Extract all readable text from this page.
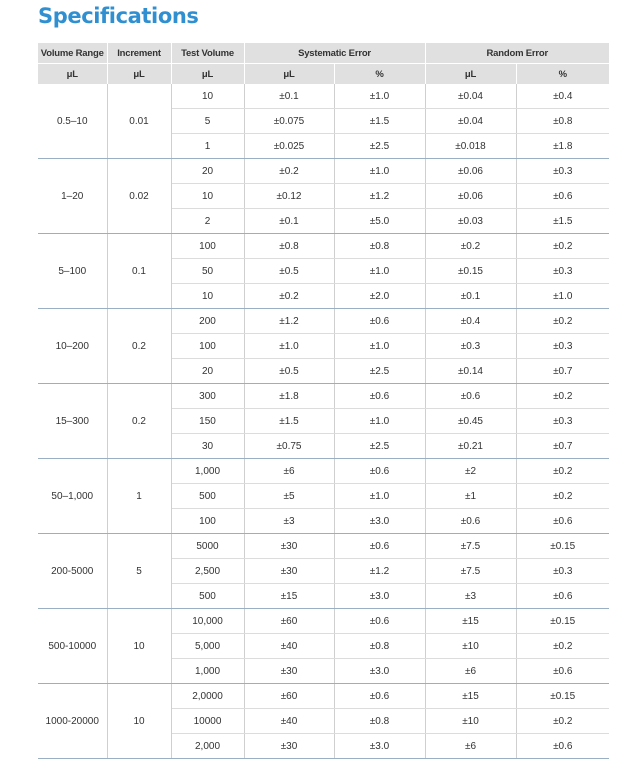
Specifications
Volume Range	Increment	Test Volume	Systematic Error		Random Error	
μL	μL	μL	μL	%	μL	%
0.5–10	0.01	10	±0.1	±1.0	±0.04	±0.4
		5	±0.075	±1.5	±0.04	±0.8
		1	±0.025	±2.5	±0.018	±1.8
1–20	0.02	20	±0.2	±1.0	±0.06	±0.3
		10	±0.12	±1.2	±0.06	±0.6
		2	±0.1	±5.0	±0.03	±1.5
5–100	0.1	100	±0.8	±0.8	±0.2	±0.2
		50	±0.5	±1.0	±0.15	±0.3
		10	±0.2	±2.0	±0.1	±1.0
10–200	0.2	200	±1.2	±0.6	±0.4	±0.2
		100	±1.0	±1.0	±0.3	±0.3
		20	±0.5	±2.5	±0.14	±0.7
15–300	0.2	300	±1.8	±0.6	±0.6	±0.2
		150	±1.5	±1.0	±0.45	±0.3
		30	±0.75	±2.5	±0.21	±0.7
50–1,000	1	1,000	±6	±0.6	±2	±0.2
		500	±5	±1.0	±1	±0.2
		100	±3	±3.0	±0.6	±0.6
200-5000	5	5000	±30	±0.6	±7.5	±0.15
		2,500	±30	±1.2	±7.5	±0.3
		500	±15	±3.0	±3	±0.6
500-10000	10	10,000	±60	±0.6	±15	±0.15
		5,000	±40	±0.8	±10	±0.2
		1,000	±30	±3.0	±6	±0.6
1000-20000	10	2,0000	±60	±0.6	±15	±0.15
		10000	±40	±0.8	±10	±0.2
		2,000	±30	±3.0	±6	±0.6
